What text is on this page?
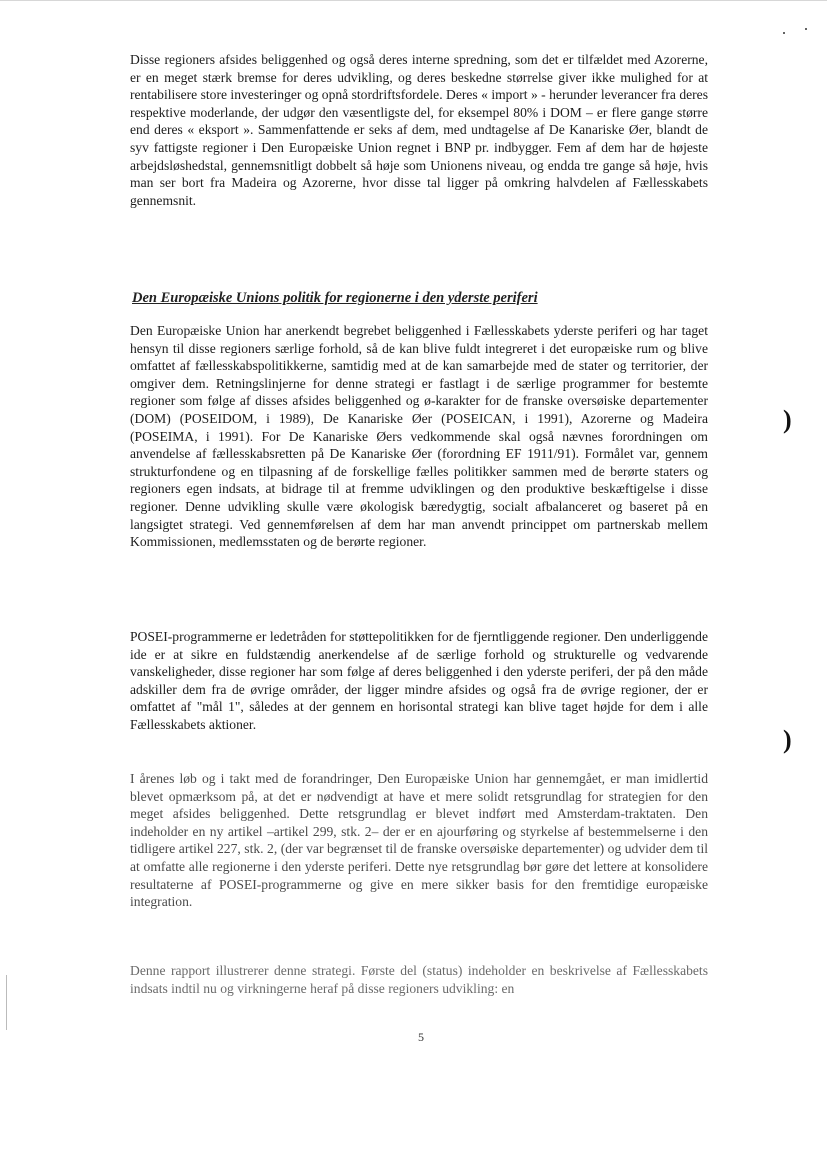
Disse regioners afsides beliggenhed og også deres interne spredning, som det er tilfældet med Azorerne, er en meget stærk bremse for deres udvikling, og deres beskedne størrelse giver ikke mulighed for at rentabilisere store investeringer og opnå stordriftsfordele. Deres « import » - herunder leverancer fra deres respektive moderlande, der udgør den væsentligste del, for eksempel 80% i DOM – er flere gange større end deres « eksport ». Sammenfattende er seks af dem, med undtagelse af De Kanariske Øer, blandt de syv fattigste regioner i Den Europæiske Union regnet i BNP pr. indbygger. Fem af dem har de højeste arbejdsløshedstal, gennemsnitligt dobbelt så høje som Unionens niveau, og endda tre gange så høje, hvis man ser bort fra Madeira og Azorerne, hvor disse tal ligger på omkring halvdelen af Fællesskabets gennemsnit.

Den Europæiske Unions politik for regionerne i den yderste periferi

Den Europæiske Union har anerkendt begrebet beliggenhed i Fællesskabets yderste periferi og har taget hensyn til disse regioners særlige forhold, så de kan blive fuldt integreret i det europæiske rum og blive omfattet af fællesskabspolitikkerne, samtidig med at de kan samarbejde med de stater og territorier, der omgiver dem. Retningslinjerne for denne strategi er fastlagt i de særlige programmer for bestemte regioner som følge af disses afsides beliggenhed og ø-karakter for de franske oversøiske departementer (DOM) (POSEIDOM, i 1989), De Kanariske Øer (POSEICAN, i 1991), Azorerne og Madeira (POSEIMA, i 1991). For De Kanariske Øers vedkommende skal også nævnes forordningen om anvendelse af fællesskabsretten på De Kanariske Øer (forordning EF 1911/91). Formålet var, gennem strukturfondene og en tilpasning af de forskellige fælles politikker sammen med de berørte staters og regioners egen indsats, at bidrage til at fremme udviklingen og den produktive beskæftigelse i disse regioner. Denne udvikling skulle være økologisk bæredygtig, socialt afbalanceret og baseret på en langsigtet strategi. Ved gennemførelsen af dem har man anvendt princippet om partnerskab mellem Kommissionen, medlemsstaten og de berørte regioner.

POSEI-programmerne er ledetråden for støttepolitikken for de fjerntliggende regioner. Den underliggende ide er at sikre en fuldstændig anerkendelse af de særlige forhold og strukturelle og vedvarende vanskeligheder, disse regioner har som følge af deres beliggenhed i den yderste periferi, der på den måde adskiller dem fra de øvrige områder, der ligger mindre afsides og også fra de øvrige regioner, der er omfattet af "mål 1", således at der gennem en horisontal strategi kan blive taget højde for dem i alle Fællesskabets aktioner.

I årenes løb og i takt med de forandringer, Den Europæiske Union har gennemgået, er man imidlertid blevet opmærksom på, at det er nødvendigt at have et mere solidt retsgrundlag for strategien for den meget afsides beliggenhed. Dette retsgrundlag er blevet indført med Amsterdam-traktaten. Den indeholder en ny artikel –artikel 299, stk. 2– der er en ajourføring og styrkelse af bestemmelserne i den tidligere artikel 227, stk. 2, (der var begrænset til de franske oversøiske departementer) og udvider dem til at omfatte alle regionerne i den yderste periferi. Dette nye retsgrundlag bør gøre det lettere at konsolidere resultaterne af POSEI-programmerne og give en mere sikker basis for den fremtidige europæiske integration.

Denne rapport illustrerer denne strategi. Første del (status) indeholder en beskrivelse af Fællesskabets indsats indtil nu og virkningerne heraf på disse regioners udvikling: en

5
)
)
